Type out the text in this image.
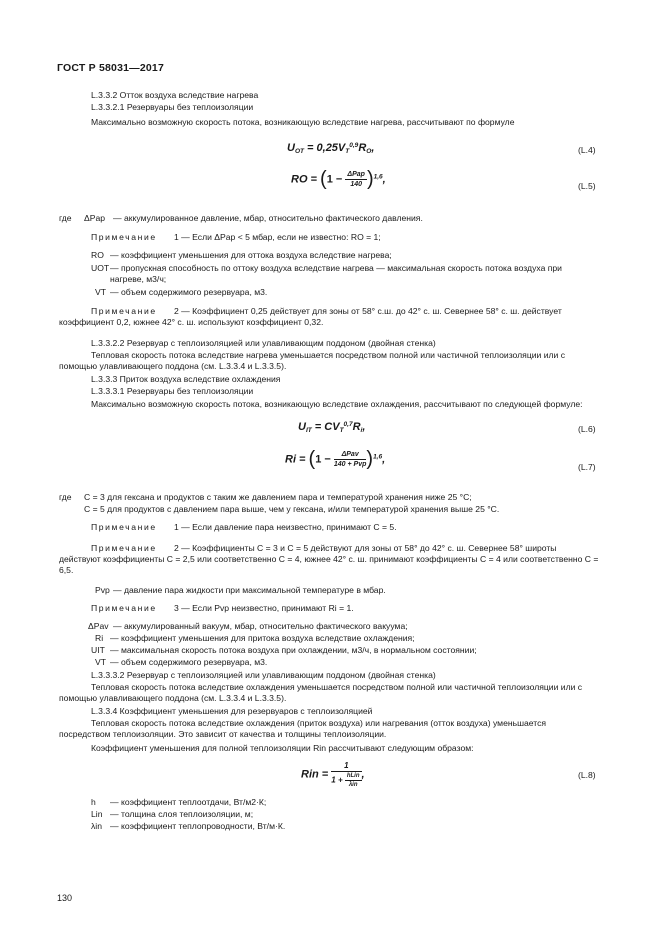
ГОСТ Р 58031—2017
L.3.3.2 Отток воздуха вследствие нагрева
L.3.3.2.1 Резервуары без теплоизоляции
Максимально возможную скорость потока, возникающую вследствие нагрева, рассчитывают по формуле
$U_{OT} = 0,25V_T^{0,9}R_O$,	(L.4)
RO = $(1 - \frac{\text{ΔPap}}{140} )^{1,6}$,
(L.5)
где ΔPар — аккумулированное давление, мбар, относительно фактического давления.
Примечание 1 — Если ΔPар < 5 мбар, если не известно: RO = 1;
RO — коэффициент уменьшения для оттока воздуха вследствие нагрева;
UOT — пропускная способность по оттоку воздуха вследствие нагрева — максимальная скорость потока воздуха при нагреве, м3/ч;
VT — объем содержимого резервуара, м3.
Примечание	2 — Коэффициент 0,25 действует для зоны от 58° с.ш. до 42° с. ш. Севернее 58° с. ш. действует коэффициент 0,2, южнее 42° с. ш. используют коэффициент 0,32.
L.3.3.2.2 Резервуар с теплоизоляцией или улавливающим поддоном (двойная стенка)
Тепловая скорость потока вследствие нагрева уменьшается посредством полной или частичной теплоизоляции или с помощью улавливающего поддона (см. L.3.3.4 и L.3.3.5).
L.3.3.3 Приток воздуха вследствие охлаждения
L.3.3.3.1 Резервуары без теплоизоляции
Максимально возможную скорость потока, возникающую вследствие охлаждения, рассчитывают по следующей формуле:
$U_{IT} = CV_T^{0,7}R_i$,	(L.6)
$Ri = (1 - \frac{\text{ΔPav}}{\text{140 + Pvp}} )^{1,6}$,
(L.7)
где C = 3 для гексана и продуктов с таким же давлением пара и температурой хранения ниже 25 °С;
C = 5 для продуктов с давлением пара выше, чем у гексана, и/или температурой хранения выше 25 °С.
Примечание 1 — Если давление пара неизвестно, принимают C = 5.
Примечание	2 — Коэффициенты C = 3 и C = 5 действуют для зоны от 58° до 42° с. ш. Севернее 58° широты действуют коэффициенты C = 2,5 или соответственно C = 4, южнее 42° с. ш. принимают коэффициенты C = 4 или соответственно C = 6,5.
Pvp — давление пара жидкости при максимальной температуре в мбар.
Примечание 3 — Если Pvp неизвестно, принимают Ri = 1.
ΔPav — аккумулированный вакуум, мбар, относительно фактического вакуума;
Ri — коэффициент уменьшения для притока воздуха вследствие охлаждения;
UIT — максимальная скорость потока воздуха при охлаждении, м3/ч, в нормальном состоянии;
VT — объем содержимого резервуара, м3.
L.3.3.3.2 Резервуар с теплоизоляцией или улавливающим поддоном (двойная стенка)
Тепловая скорость потока вследствие охлаждения уменьшается посредством полной или частичной теплоизоляции или с помощью улавливающего поддона (см. L.3.3.4 и L.3.3.5).
L.3.3.4 Коэффициент уменьшения для резервуаров с теплоизоляцией
Тепловая скорость потока вследствие охлаждения (приток воздуха) или нагревания (отток воздуха) уменьшается посредством теплоизоляции. Это зависит от качества и толщины теплоизоляции.
Коэффициент уменьшения для полной теплоизоляции Rin рассчитывают следующим образом:
Rin = $\frac{1}{1 + \frac{\text{hLin}}{\text{λin}}}$ ,	(L.8)
h — коэффициент теплоотдачи, Вт/м2·К;
Lin — толщина слоя теплоизоляции, м;
λin — коэффициент теплопроводности, Вт/м·К.
130
